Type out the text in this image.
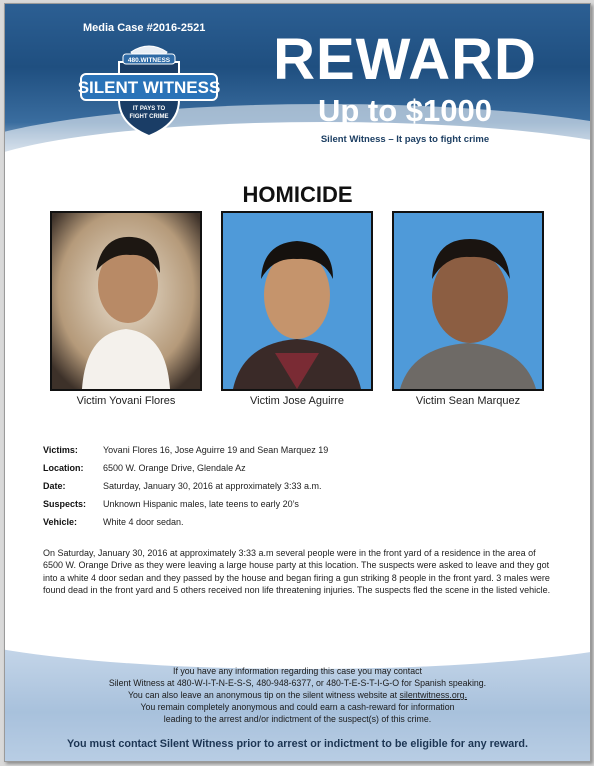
Media Case #2016-2521
480.WITNESS
SILENT WITNESS
IT PAYS TO
FIGHT CRIME
REWARD
Up to $1000
Silent Witness – It pays to fight crime
HOMICIDE
Victim Yovani Flores	Victim Jose Aguirre	Victim Sean Marquez
Victims:	Yovani Flores 16, Jose Aguirre 19 and Sean Marquez 19
Location: 6500 W. Orange Drive, Glendale Az
Date:	Saturday, January 30, 2016 at approximately 3:33 a.m.
Suspects: Unknown Hispanic males, late teens to early 20’s
Vehicle:	White 4 door sedan.
On Saturday, January 30, 2016 at approximately 3:33 a.m several people were in the front yard of a residence in the area of 6500 W. Orange Drive as they were leaving a large house party at this location. The suspects were asked to leave and they got into a white 4 door sedan and they passed by the house and began firing a gun striking 8 people in the front yard. 3 males were found dead in the front yard and 5 others received non life threatening injuries. The suspects fled the scene in the listed vehicle.
If you have any information regarding this case you may contact
Silent Witness at 480-W-I-T-N-E-S-S, 480-948-6377, or 480-T-E-S-T-I-G-O for Spanish speaking.
You can also leave an anonymous tip on the silent witness website at silentwitness.org.
You remain completely anonymous and could earn a cash-reward for information
leading to the arrest and/or indictment of the suspect(s) of this crime.
You must contact Silent Witness prior to arrest or indictment to be eligible for any reward.
